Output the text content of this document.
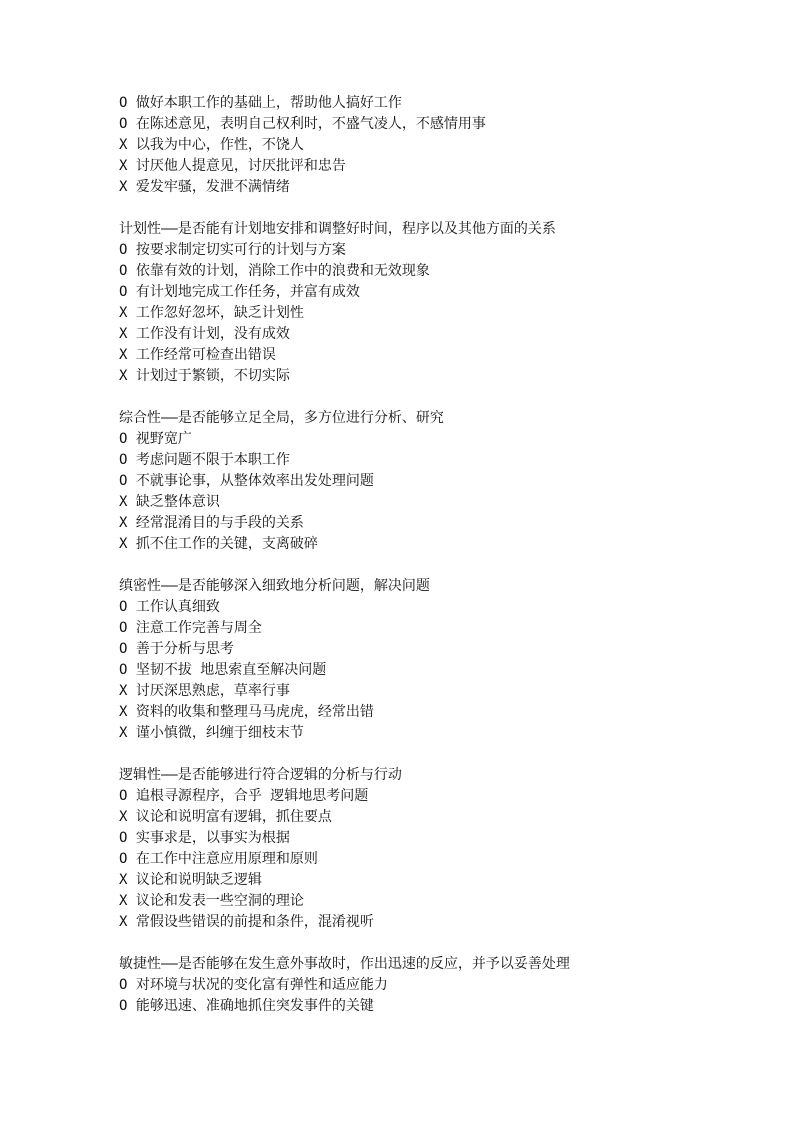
O 做好本职工作的基础上，帮助他人搞好工作
O 在陈述意见，表明自己权利时，不盛气凌人，不感情用事
X 以我为中心，作性，不饶人
X 讨厌他人提意见，讨厌批评和忠告
X 爱发牢骚，发泄不满情绪
计划性——是否能有计划地安排和调整好时间，程序以及其他方面的关系
O 按要求制定切实可行的计划与方案
O 依靠有效的计划，消除工作中的浪费和无效现象
O 有计划地完成工作任务，并富有成效
X 工作忽好忽坏，缺乏计划性
X 工作没有计划，没有成效
X 工作经常可检查出错误
X 计划过于繁锁，不切实际
综合性——是否能够立足全局，多方位进行分析、研究
O 视野宽广
O 考虑问题不限于本职工作
O 不就事论事，从整体效率出发处理问题
X 缺乏整体意识
X 经常混淆目的与手段的关系
X 抓不住工作的关键，支离破碎
缜密性——是否能够深入细致地分析问题，解决问题
O 工作认真细致
O 注意工作完善与周全
O 善于分析与思考
O 坚韧不拔 地思索直至解决问题
X 讨厌深思熟虑，草率行事
X 资料的收集和整理马马虎虎，经常出错
X 谨小慎微，纠缠于细枝末节
逻辑性——是否能够进行符合逻辑的分析与行动
O 追根寻源程序，合乎 逻辑地思考问题
X 议论和说明富有逻辑，抓住要点
O 实事求是，以事实为根据
O 在工作中注意应用原理和原则
X 议论和说明缺乏逻辑
X 议论和发表一些空洞的理论
X 常假设些错误的前提和条件，混淆视听
敏捷性——是否能够在发生意外事故时，作出迅速的反应，并予以妥善处理
O 对环境与状况的变化富有弹性和适应能力
O 能够迅速、准确地抓住突发事件的关键
